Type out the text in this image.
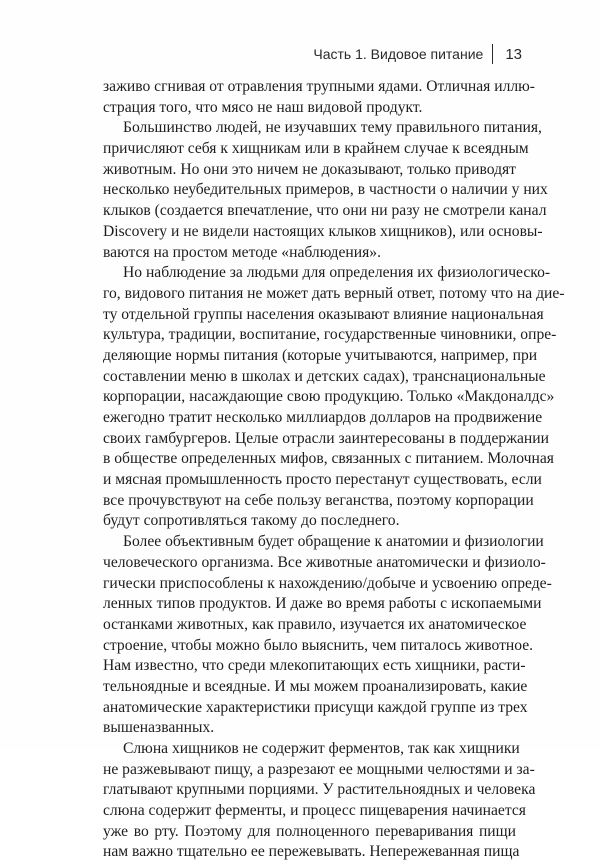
Часть 1. Видовое питание	13
заживо сгнивая от отравления трупными ядами. Отличная иллю-
страция того, что мясо не наш видовой продукт.
Большинство людей, не изучавших тему правильного питания,
причисляют себя к хищникам или в крайнем случае к всеядным
животным. Но они это ничем не доказывают, только приводят
несколько неубедительных примеров, в частности о наличии у них
клыков (создается впечатление, что они ни разу не смотрели канал
Discovery и не видели настоящих клыков хищников), или основы-
ваются на простом методе «наблюдения».
Но наблюдение за людьми для определения их физиологическо-
го, видового питания не может дать верный ответ, потому что на дие-
ту отдельной группы населения оказывают влияние национальная
культура, традиции, воспитание, государственные чиновники, опре-
деляющие нормы питания (которые учитываются, например, при
составлении меню в школах и детских садах), транснациональные
корпорации, насаждающие свою продукцию. Только «Макдоналдс»
ежегодно тратит несколько миллиардов долларов на продвижение
своих гамбургеров. Целые отрасли заинтересованы в поддержании
в обществе определенных мифов, связанных с питанием. Молочная
и мясная промышленность просто перестанут существовать, если
все прочувствуют на себе пользу веганства, поэтому корпорации
будут сопротивляться такому до последнего.
Более объективным будет обращение к анатомии и физиологии
человеческого организма. Все животные анатомически и физиоло-
гически приспособлены к нахождению/добыче и усвоению опреде-
ленных типов продуктов. И даже во время работы с ископаемыми
останками животных, как правило, изучается их анатомическое
строение, чтобы можно было выяснить, чем питалось животное.
Нам известно, что среди млекопитающих есть хищники, расти-
тельноядные и всеядные. И мы можем проанализировать, какие
анатомические характеристики присущи каждой группе из трех
вышеназванных.
Слюна хищников не содержит ферментов, так как хищники
не разжевывают пищу, а разрезают ее мощными челюстями и за-
глатывают крупными порциями. У растительноядных и человека
слюна содержит ферменты, и процесс пищеварения начинается
уже во рту. Поэтому для полноценного переваривания пищи
нам важно тщательно ее пережевывать. Непережеванная пища
